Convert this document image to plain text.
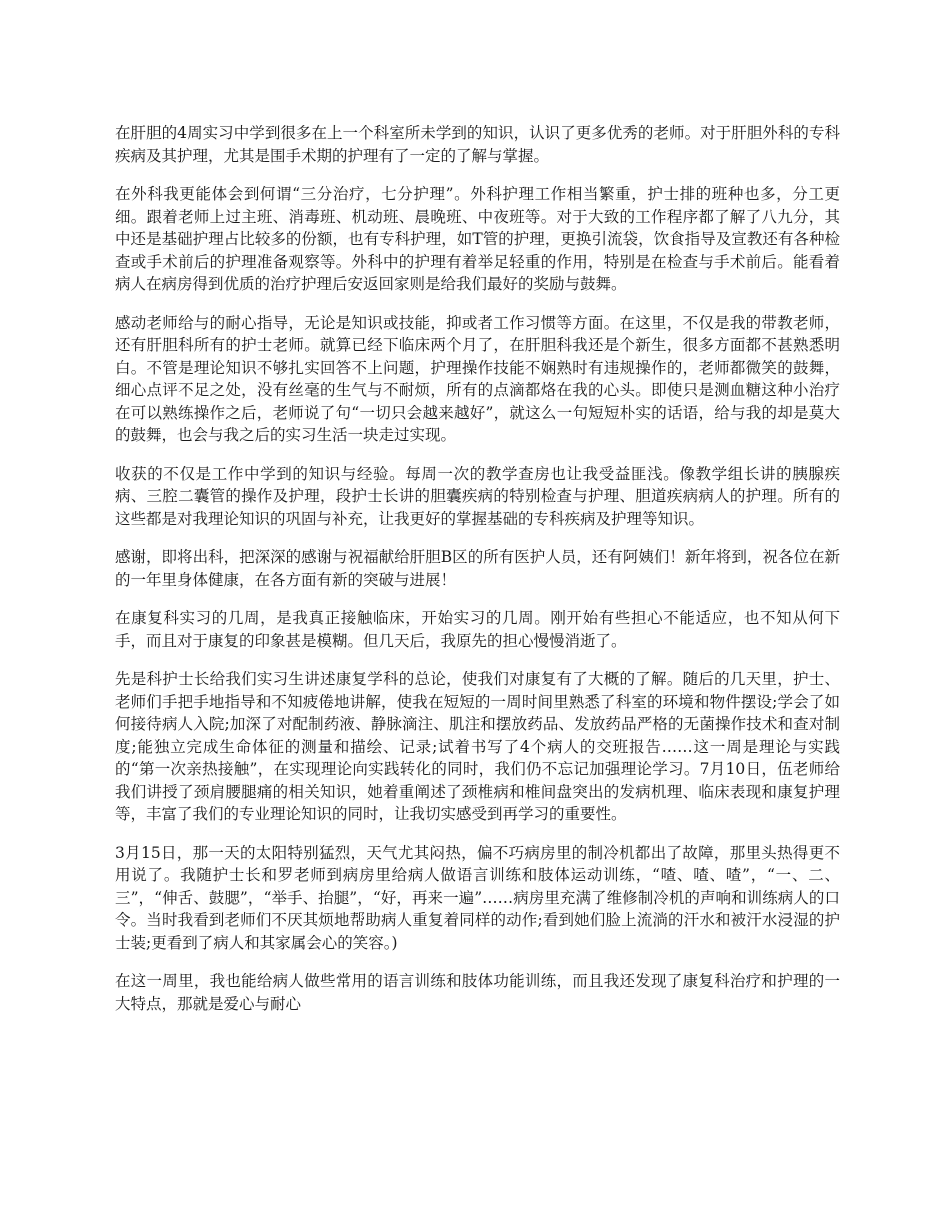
在肝胆的4周实习中学到很多在上一个科室所未学到的知识，认识了更多优秀的老师。对于肝胆外科的专科疾病及其护理，尤其是围手术期的护理有了一定的了解与掌握。

在外科我更能体会到何谓“三分治疗，七分护理”。外科护理工作相当繁重，护士排的班种也多，分工更细。跟着老师上过主班、消毒班、机动班、晨晚班、中夜班等。对于大致的工作程序都了解了八九分，其中还是基础护理占比较多的份额，也有专科护理，如T管的护理，更换引流袋，饮食指导及宣教还有各种检查或手术前后的护理准备观察等。外科中的护理有着举足轻重的作用，特别是在检查与手术前后。能看着病人在病房得到优质的治疗护理后安返回家则是给我们最好的奖励与鼓舞。

感动老师给与的耐心指导，无论是知识或技能，抑或者工作习惯等方面。在这里，不仅是我的带教老师，还有肝胆科所有的护士老师。就算已经下临床两个月了，在肝胆科我还是个新生，很多方面都不甚熟悉明白。不管是理论知识不够扎实回答不上问题，护理操作技能不娴熟时有违规操作的，老师都微笑的鼓舞，细心点评不足之处，没有丝毫的生气与不耐烦，所有的点滴都烙在我的心头。即使只是测血糖这种小治疗在可以熟练操作之后，老师说了句“一切只会越来越好”，就这么一句短短朴实的话语，给与我的却是莫大的鼓舞，也会与我之后的实习生活一块走过实现。

收获的不仅是工作中学到的知识与经验。每周一次的教学查房也让我受益匪浅。像教学组长讲的胰腺疾病、三腔二囊管的操作及护理，段护士长讲的胆囊疾病的特别检查与护理、胆道疾病病人的护理。所有的这些都是对我理论知识的巩固与补充，让我更好的掌握基础的专科疾病及护理等知识。

感谢，即将出科，把深深的感谢与祝福献给肝胆B区的所有医护人员，还有阿姨们！新年将到，祝各位在新的一年里身体健康，在各方面有新的突破与进展！

在康复科实习的几周，是我真正接触临床，开始实习的几周。刚开始有些担心不能适应，也不知从何下手，而且对于康复的印象甚是模糊。但几天后，我原先的担心慢慢消逝了。

先是科护士长给我们实习生讲述康复学科的总论，使我们对康复有了大概的了解。随后的几天里，护士、老师们手把手地指导和不知疲倦地讲解，使我在短短的一周时间里熟悉了科室的环境和物件摆设;学会了如何接待病人入院;加深了对配制药液、静脉滴注、肌注和摆放药品、发放药品严格的无菌操作技术和查对制度;能独立完成生命体征的测量和描绘、记录;试着书写了4个病人的交班报告……这一周是理论与实践的“第一次亲热接触”，在实现理论向实践转化的同时，我们仍不忘记加强理论学习。7月10日，伍老师给我们讲授了颈肩腰腿痛的相关知识，她着重阐述了颈椎病和椎间盘突出的发病机理、临床表现和康复护理等，丰富了我们的专业理论知识的同时，让我切实感受到再学习的重要性。

3月15日，那一天的太阳特别猛烈，天气尤其闷热，偏不巧病房里的制冷机都出了故障，那里头热得更不用说了。我随护士长和罗老师到病房里给病人做语言训练和肢体运动训练，“喳、喳、喳”，“一、二、三”，“伸舌、鼓腮”，“举手、抬腿”，“好，再来一遍”……病房里充满了维修制冷机的声响和训练病人的口令。当时我看到老师们不厌其烦地帮助病人重复着同样的动作;看到她们脸上流淌的汗水和被汗水浸湿的护士装;更看到了病人和其家属会心的笑容。)

在这一周里，我也能给病人做些常用的语言训练和肢体功能训练，而且我还发现了康复科治疗和护理的一大特点，那就是爱心与耐心
